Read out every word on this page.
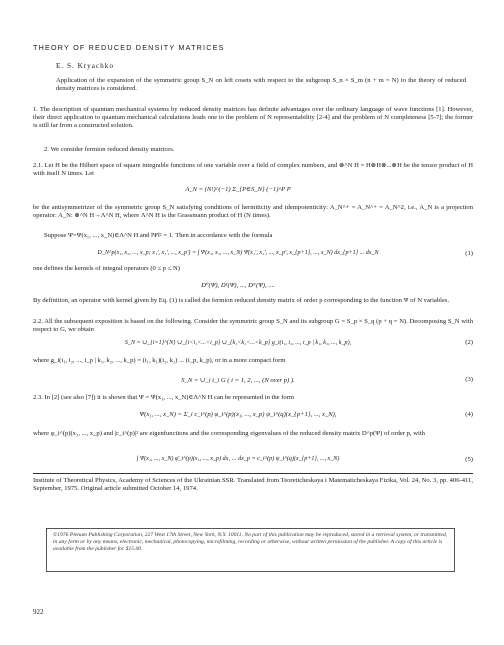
THEORY OF REDUCED DENSITY MATRICES
E. S. Kryachko
Application of the expansion of the symmetric group S_N on left cosets with respect to the subgroup S_n × S_m (n + m = N) to the theory of reduced density matrices is considered.
1. The description of quantum mechanical systems by reduced density matrices has definite advantages over the ordinary language of wave functions [1]. However, their direct application to quantum mechanical calculations leads one to the problem of N representability [2-4] and the problem of N completeness [5-7]; the former is still far from a constructed solution.
2. We consider fermion reduced density matrices.
2.1. Let H be the Hilbert space of square integrable functions of one variable over a field of complex numbers, and ⊗^N H = H⊗H⊗...⊗H be the tensor product of H with itself N times. Let
A_N = (N!)^(−1) Σ_{P∈S_N} (−1)^P P
be the antisymmetrizer of the symmetric group S_N satisfying conditions of hermiticity and idempotenticity: A_N^+ = A_N^+ = A_N^2, i.e., A_N is a projection operator: A_N: ⊗^N H→Λ^N H, where Λ^N H is the Grassmann product of H (N times).
Suppose Ψ=Ψ(x₁, ..., x_N)∈Λ^N H and ‖Ψ‖² = 1. Then in accordance with the formula
D_N^p(x₁, x₂, ..., x_p; x₁′, x₂′, ..., x_p′) = ∫ Ψ(x₁, x₂, ..., x_N) Ψ̄(x₁′, x₂′, ..., x_p′, x_{p+1}, ..., x_N) dx_{p+1} ... dx_N	(1)
one defines the kernels of integral operators (0 ≤ p ≤ N)
D⁰(Ψ), D¹(Ψ), ..., Dᴺ(Ψ), ....
By definition, an operator with kernel given by Eq. (1) is called the fermion reduced density matrix of order p corresponding to the function Ψ of N variables.
2.2. All the subsequent exposition is based on the following. Consider the symmetric group S_N and its subgroup G = S_p × S_q (p + q = N). Decomposing S_N with respect to G, we obtain
S_N = ∪_{i=1}^{N} ∪_{i<i₁<...<i_p} ∪_{k₁<k₂<...<k_p} g_i(i₁, i₂, ..., i_p | k₁, k₂, ..., k_p),	(2)
where g_i(i₁, i₂, ..., i_p | k₁, k₂, ..., k_p) = (i₁, k₁)(i₂, k₂) ... (i_p, k_p), or in a more compact form
S_N = ∪_i t_i G ( i = 1, 2, ..., (N over p) ).	(3)
2.3. In [2] (see also [7]) it is shown that Ψ = Ψ(x₁, ..., x_N)∈Λ^N H can be represented in the form
Ψ(x₁, ..., x_N) = Σ_i c_i^(p) φ_i^(p)(x₁, ..., x_p) ψ_i^(q)(x_{p+1}, ..., x_N),	(4)
where φ_i^(p)(x₁, ..., x_p) and |c_i^(p)|² are eigenfunctions and the corresponding eigenvalues of the reduced density matrix D^p(Ψ) of order p, with
∫ Ψ(x₁, ..., x_N) φ̄_i^(p)(x₁, ..., x_p) dx₁ ... dx_p = c_i^(p) ψ_i^(q)(x_{p+1}, ..., x_N)	(5)
Institute of Theoretical Physics, Academy of Sciences of the Ukrainian SSR. Translated from Teoreticheskaya i Matematicheskaya Fizika, Vol. 24, No. 3, pp. 406-411, September, 1975. Original article submitted October 14, 1974.
©1976 Plenum Publishing Corporation, 227 West 17th Street, New York, N.Y. 10011. No part of this publication may be reproduced, stored in a retrieval system, or transmitted, in any form or by any means, electronic, mechanical, photocopying, microfilming, recording or otherwise, without written permission of the publisher. A copy of this article is available from the publisher for $15.00.
922
